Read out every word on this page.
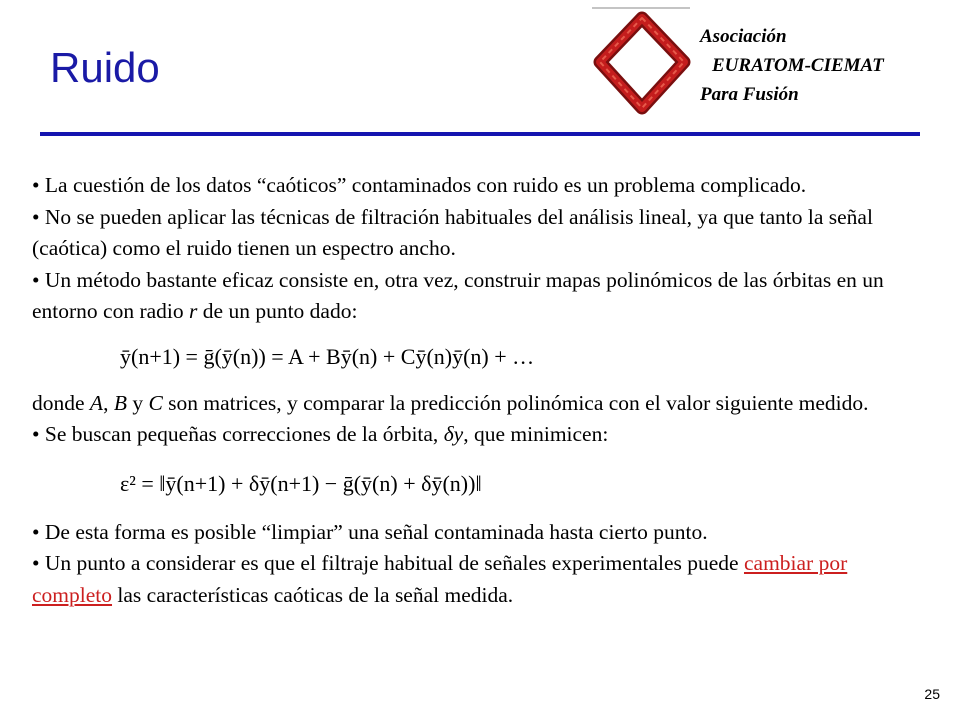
Ruido
Asociación
EURATOM-CIEMAT
Para Fusión

• La cuestión de los datos “caóticos” contaminados con ruido es un problema complicado.

• No se pueden aplicar las técnicas de filtración habituales del análisis lineal, ya que tanto la señal (caótica) como el ruido tienen un espectro ancho.

• Un método bastante eficaz consiste en, otra vez, construir mapas polinómicos de las órbitas en un entorno con radio r de un punto dado:

ȳ(n+1) = ḡ(ȳ(n)) = A + Bȳ(n) + Cȳ(n)ȳ(n) + …

donde A, B y C son matrices, y comparar la predicción polinómica con el valor siguiente medido.

• Se buscan pequeñas correcciones de la órbita, δy, que minimicen:

ε² = ‖ȳ(n+1) + δȳ(n+1) − ḡ(ȳ(n) + δȳ(n))‖

• De esta forma es posible “limpiar” una señal contaminada hasta cierto punto.

• Un punto a considerar es que el filtraje habitual de señales experimentales puede cambiar por completo las características caóticas de la señal medida.

25
